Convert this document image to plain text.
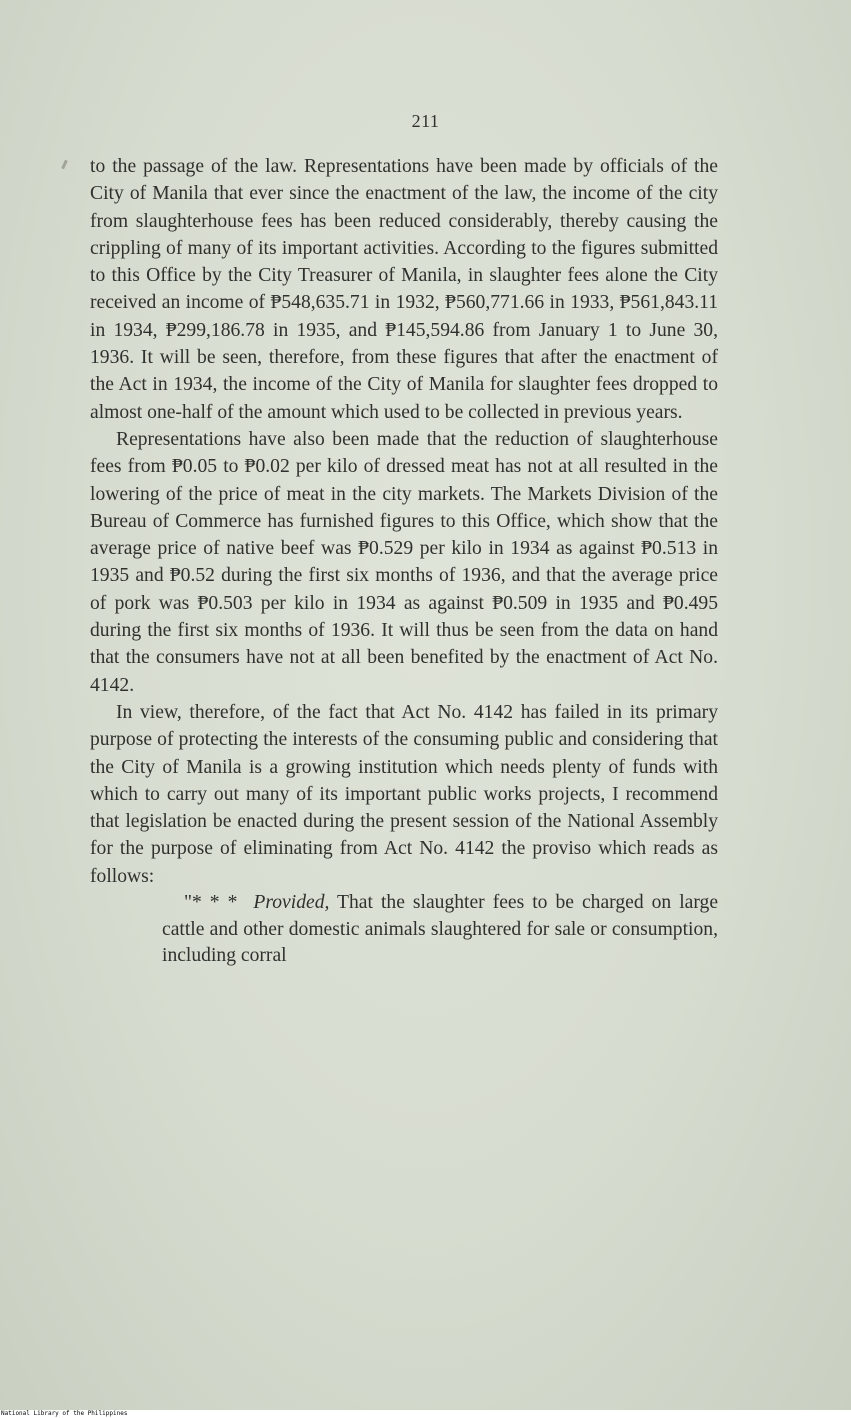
211

to the passage of the law. Representations have been made by officials of the City of Manila that ever since the enactment of the law, the income of the city from slaughterhouse fees has been reduced considerably, thereby causing the crippling of many of its important activities. According to the figures submitted to this Office by the City Treasurer of Manila, in slaughter fees alone the City received an income of ₱548,635.71 in 1932, ₱560,771.66 in 1933, ₱561,843.11 in 1934, ₱299,186.78 in 1935, and ₱145,594.86 from January 1 to June 30, 1936. It will be seen, therefore, from these figures that after the enactment of the Act in 1934, the income of the City of Manila for slaughter fees dropped to almost one-half of the amount which used to be collected in previous years.

Representations have also been made that the reduction of slaughterhouse fees from ₱0.05 to ₱0.02 per kilo of dressed meat has not at all resulted in the lowering of the price of meat in the city markets. The Markets Division of the Bureau of Commerce has furnished figures to this Office, which show that the average price of native beef was ₱0.529 per kilo in 1934 as against ₱0.513 in 1935 and ₱0.52 during the first six months of 1936, and that the average price of pork was ₱0.503 per kilo in 1934 as against ₱0.509 in 1935 and ₱0.495 during the first six months of 1936. It will thus be seen from the data on hand that the consumers have not at all been benefited by the enactment of Act No. 4142.

In view, therefore, of the fact that Act No. 4142 has failed in its primary purpose of protecting the interests of the consuming public and considering that the City of Manila is a growing institution which needs plenty of funds with which to carry out many of its important public works projects, I recommend that legislation be enacted during the present session of the National Assembly for the purpose of eliminating from Act No. 4142 the proviso which reads as follows:

"* * * Provided, That the slaughter fees to be charged on large cattle and other domestic animals slaughtered for sale or consumption, including corral

National Library of the Philippines
